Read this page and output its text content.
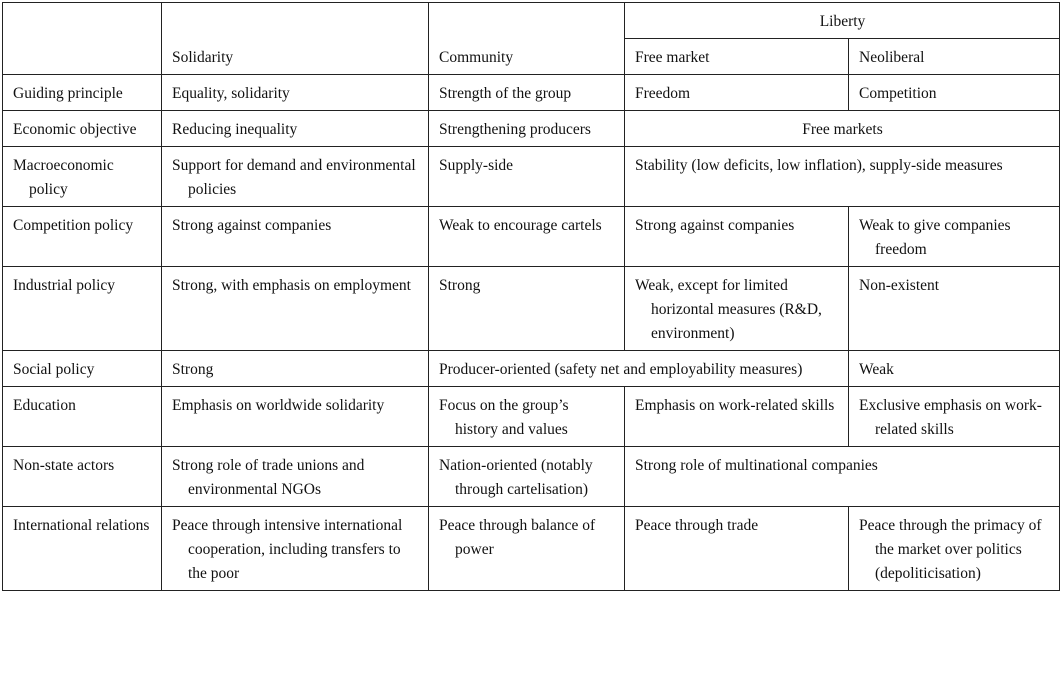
	Solidarity	Community	Liberty	
			Free market	Neoliberal

Guiding principle	Equality, solidarity	Strength of the group	Freedom	Competition

Economic objective	Reducing inequality	Strengthening producers	Free markets	

Macroeconomic policy	Support for demand and environmental policies	Supply-side	Stability (low deficits, low inflation), supply-side measures	

Competition policy	Strong against companies	Weak to encourage cartels	Strong against companies	Weak to give companies freedom

Industrial policy	Strong, with emphasis on employment	Strong	Weak, except for limited horizontal measures (R&D, environment)	Non-existent

Social policy	Strong	Producer-oriented (safety net and employability measures)		Weak

Education	Emphasis on worldwide solidarity	Focus on the group’s history and values	Emphasis on work-related skills	Exclusive emphasis on work-related skills

Non-state actors	Strong role of trade unions and environmental NGOs	Nation-oriented (notably through cartelisation)	Strong role of multinational companies	

International relations	Peace through intensive international cooperation, including transfers to the poor	Peace through balance of power	Peace through trade	Peace through the primacy of the market over politics (depoliticisation)
